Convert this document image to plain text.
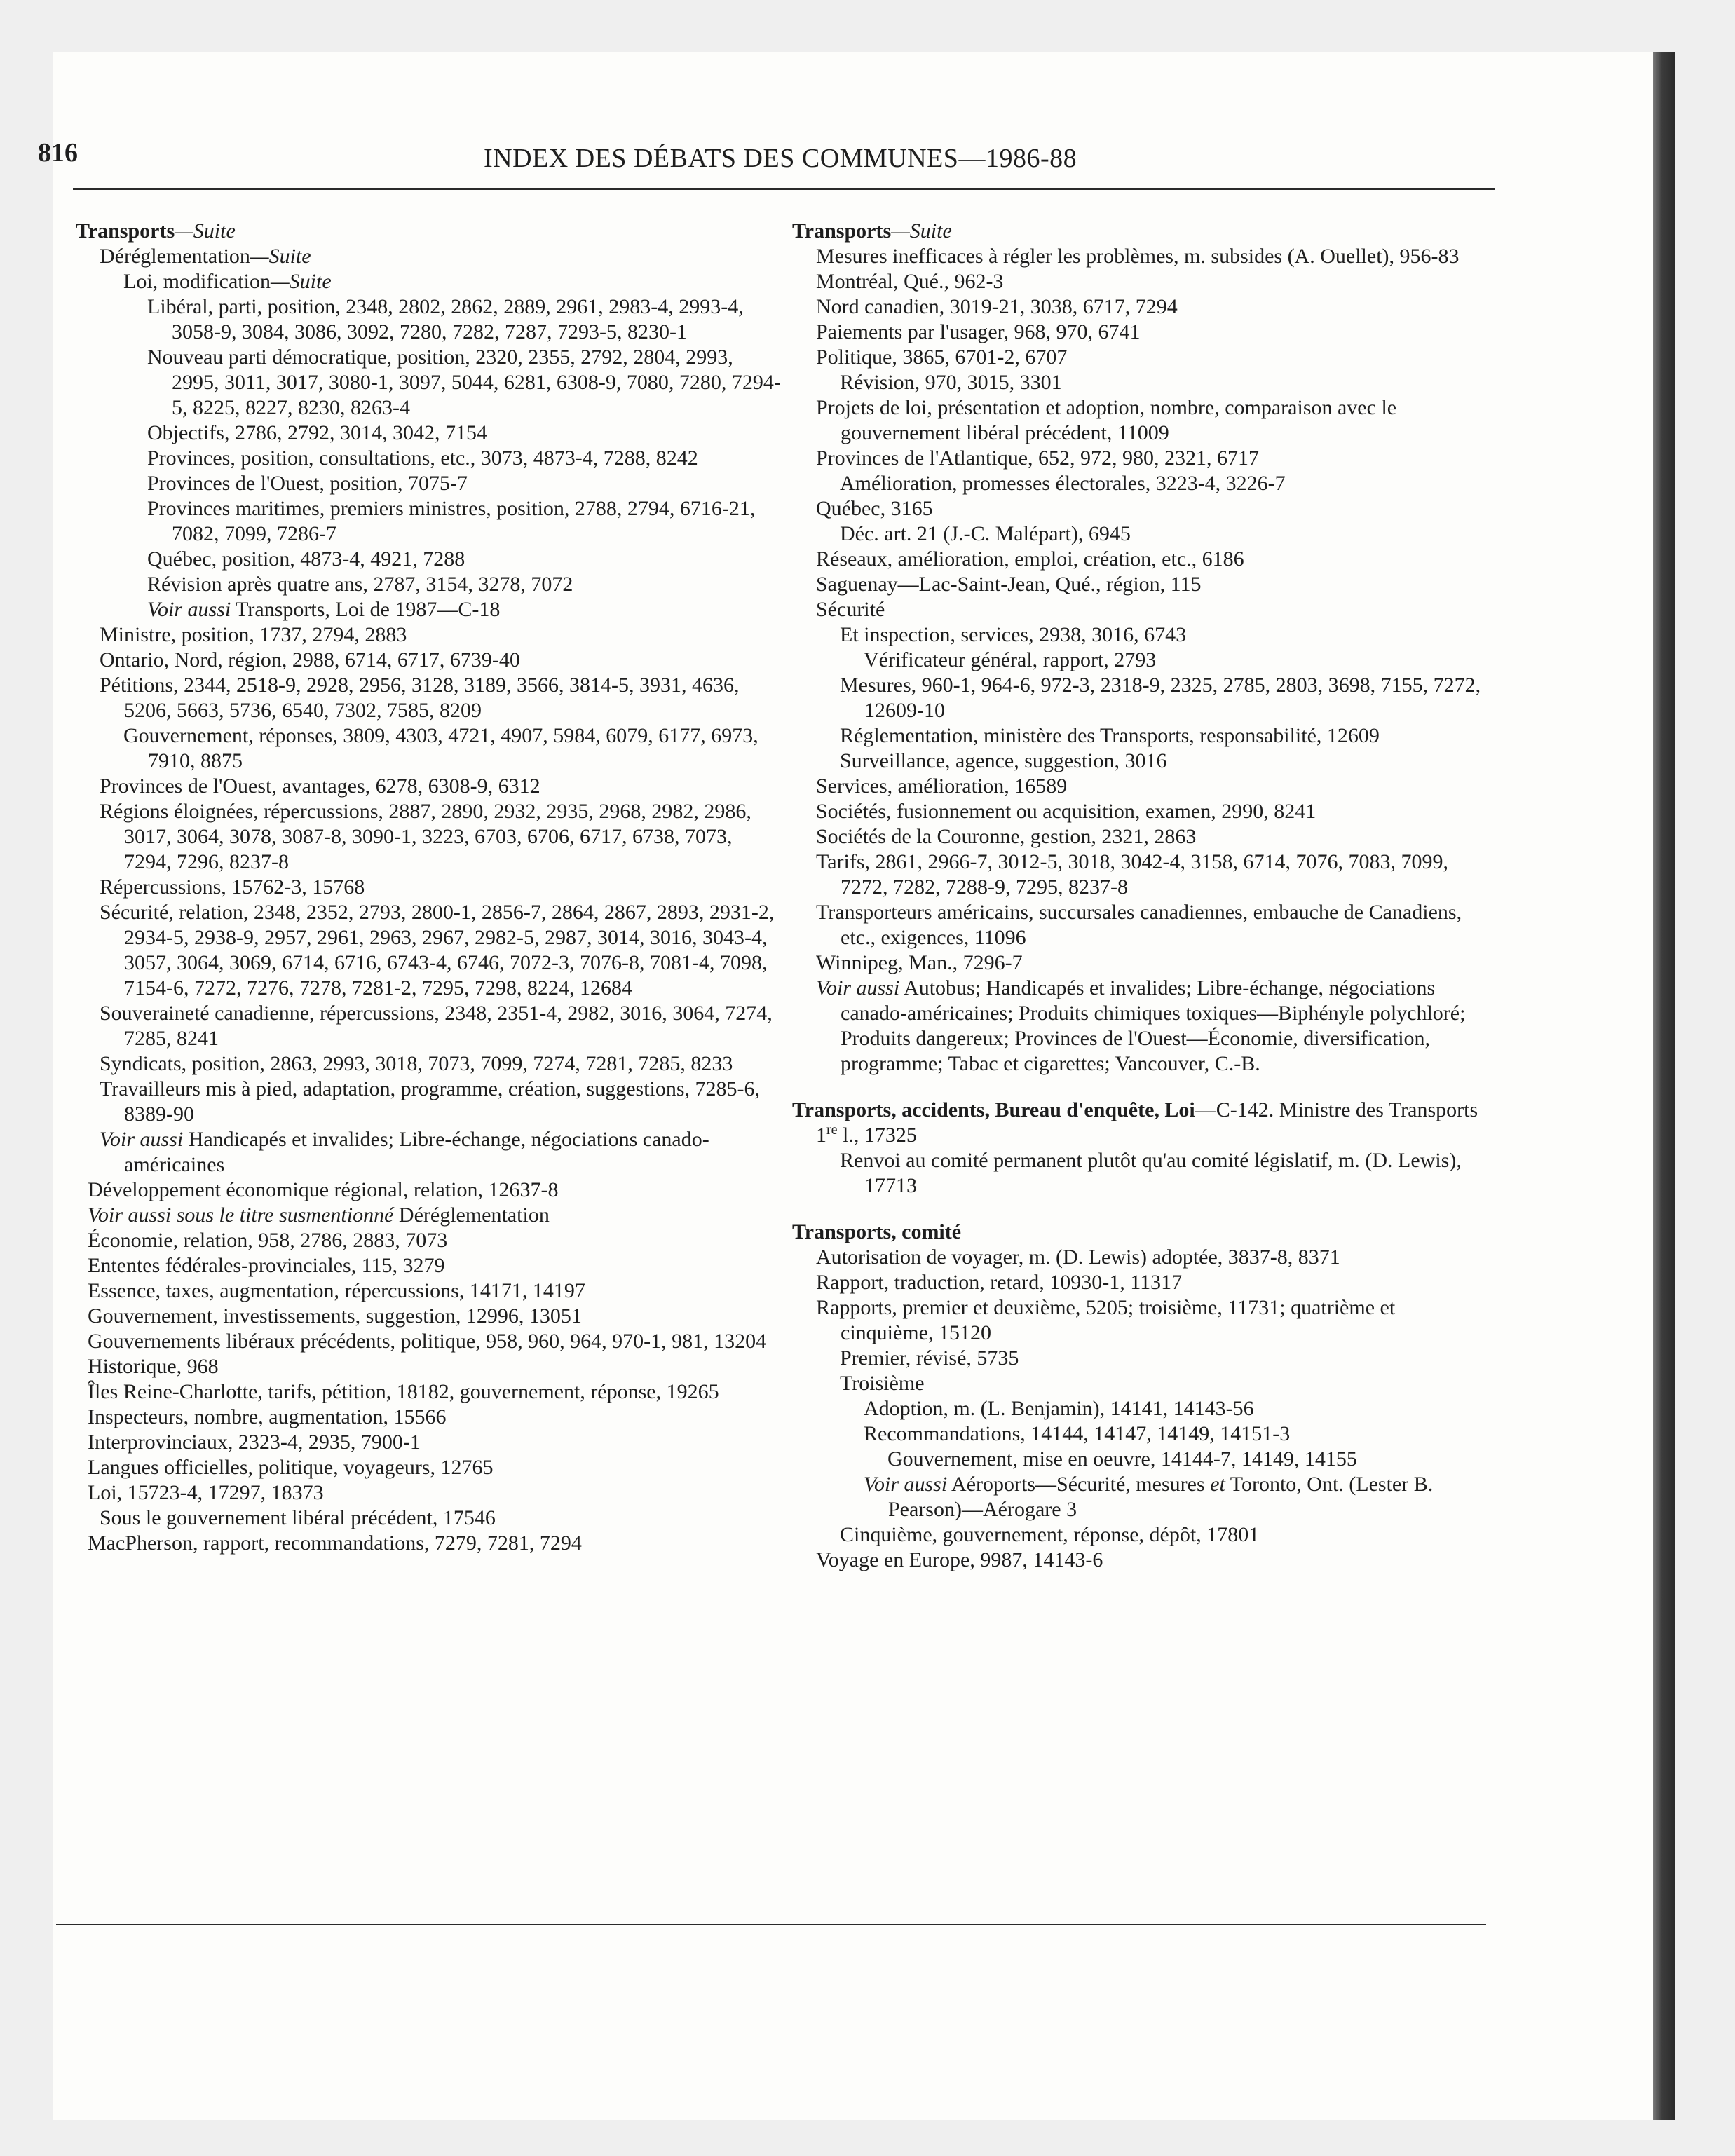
816	INDEX DES DÉBATS DES COMMUNES—1986-88
Transports—Suite
Déréglementation—Suite
Loi, modification—Suite
Libéral, parti, position, 2348, 2802, 2862, 2889, 2961, 2983-4, 2993-4, 3058-9, 3084, 3086, 3092, 7280, 7282, 7287, 7293-5, 8230-1
Nouveau parti démocratique, position, 2320, 2355, 2792, 2804, 2993, 2995, 3011, 3017, 3080-1, 3097, 5044, 6281, 6308-9, 7080, 7280, 7294-5, 8225, 8227, 8230, 8263-4
Objectifs, 2786, 2792, 3014, 3042, 7154
Provinces, position, consultations, etc., 3073, 4873-4, 7288, 8242
Provinces de l'Ouest, position, 7075-7
Provinces maritimes, premiers ministres, position, 2788, 2794, 6716-21, 7082, 7099, 7286-7
Québec, position, 4873-4, 4921, 7288
Révision après quatre ans, 2787, 3154, 3278, 7072
Voir aussi Transports, Loi de 1987—C-18
Ministre, position, 1737, 2794, 2883
Ontario, Nord, région, 2988, 6714, 6717, 6739-40
Pétitions, 2344, 2518-9, 2928, 2956, 3128, 3189, 3566, 3814-5, 3931, 4636, 5206, 5663, 5736, 6540, 7302, 7585, 8209
Gouvernement, réponses, 3809, 4303, 4721, 4907, 5984, 6079, 6177, 6973, 7910, 8875
Provinces de l'Ouest, avantages, 6278, 6308-9, 6312
Régions éloignées, répercussions, 2887, 2890, 2932, 2935, 2968, 2982, 2986, 3017, 3064, 3078, 3087-8, 3090-1, 3223, 6703, 6706, 6717, 6738, 7073, 7294, 7296, 8237-8
Répercussions, 15762-3, 15768
Sécurité, relation, 2348, 2352, 2793, 2800-1, 2856-7, 2864, 2867, 2893, 2931-2, 2934-5, 2938-9, 2957, 2961, 2963, 2967, 2982-5, 2987, 3014, 3016, 3043-4, 3057, 3064, 3069, 6714, 6716, 6743-4, 6746, 7072-3, 7076-8, 7081-4, 7098, 7154-6, 7272, 7276, 7278, 7281-2, 7295, 7298, 8224, 12684
Souveraineté canadienne, répercussions, 2348, 2351-4, 2982, 3016, 3064, 7274, 7285, 8241
Syndicats, position, 2863, 2993, 3018, 7073, 7099, 7274, 7281, 7285, 8233
Travailleurs mis à pied, adaptation, programme, création, suggestions, 7285-6, 8389-90
Voir aussi Handicapés et invalides; Libre-échange, négociations canado-américaines
Développement économique régional, relation, 12637-8
Voir aussi sous le titre susmentionné Déréglementation
Économie, relation, 958, 2786, 2883, 7073
Ententes fédérales-provinciales, 115, 3279
Essence, taxes, augmentation, répercussions, 14171, 14197
Gouvernement, investissements, suggestion, 12996, 13051
Gouvernements libéraux précédents, politique, 958, 960, 964, 970-1, 981, 13204
Historique, 968
Îles Reine-Charlotte, tarifs, pétition, 18182, gouvernement, réponse, 19265
Inspecteurs, nombre, augmentation, 15566
Interprovinciaux, 2323-4, 2935, 7900-1
Langues officielles, politique, voyageurs, 12765
Loi, 15723-4, 17297, 18373
Sous le gouvernement libéral précédent, 17546
MacPherson, rapport, recommandations, 7279, 7281, 7294
Transports—Suite
Mesures inefficaces à régler les problèmes, m. subsides (A. Ouellet), 956-83
Montréal, Qué., 962-3
Nord canadien, 3019-21, 3038, 6717, 7294
Paiements par l'usager, 968, 970, 6741
Politique, 3865, 6701-2, 6707
Révision, 970, 3015, 3301
Projets de loi, présentation et adoption, nombre, comparaison avec le gouvernement libéral précédent, 11009
Provinces de l'Atlantique, 652, 972, 980, 2321, 6717
Amélioration, promesses électorales, 3223-4, 3226-7
Québec, 3165
Déc. art. 21 (J.-C. Malépart), 6945
Réseaux, amélioration, emploi, création, etc., 6186
Saguenay—Lac-Saint-Jean, Qué., région, 115
Sécurité
Et inspection, services, 2938, 3016, 6743
Vérificateur général, rapport, 2793
Mesures, 960-1, 964-6, 972-3, 2318-9, 2325, 2785, 2803, 3698, 7155, 7272, 12609-10
Réglementation, ministère des Transports, responsabilité, 12609
Surveillance, agence, suggestion, 3016
Services, amélioration, 16589
Sociétés, fusionnement ou acquisition, examen, 2990, 8241
Sociétés de la Couronne, gestion, 2321, 2863
Tarifs, 2861, 2966-7, 3012-5, 3018, 3042-4, 3158, 6714, 7076, 7083, 7099, 7272, 7282, 7288-9, 7295, 8237-8
Transporteurs américains, succursales canadiennes, embauche de Canadiens, etc., exigences, 11096
Winnipeg, Man., 7296-7
Voir aussi Autobus; Handicapés et invalides; Libre-échange, négociations canado-américaines; Produits chimiques toxiques—Biphényle polychloré; Produits dangereux; Provinces de l'Ouest—Économie, diversification, programme; Tabac et cigarettes; Vancouver, C.-B.
Transports, accidents, Bureau d'enquête, Loi—C-142. Ministre des Transports
1re l., 17325
Renvoi au comité permanent plutôt qu'au comité législatif, m. (D. Lewis), 17713
Transports, comité
Autorisation de voyager, m. (D. Lewis) adoptée, 3837-8, 8371
Rapport, traduction, retard, 10930-1, 11317
Rapports, premier et deuxième, 5205; troisième, 11731; quatrième et cinquième, 15120
Premier, révisé, 5735
Troisième
Adoption, m. (L. Benjamin), 14141, 14143-56
Recommandations, 14144, 14147, 14149, 14151-3
Gouvernement, mise en oeuvre, 14144-7, 14149, 14155
Voir aussi Aéroports—Sécurité, mesures et Toronto, Ont. (Lester B. Pearson)—Aérogare 3
Cinquième, gouvernement, réponse, dépôt, 17801
Voyage en Europe, 9987, 14143-6
